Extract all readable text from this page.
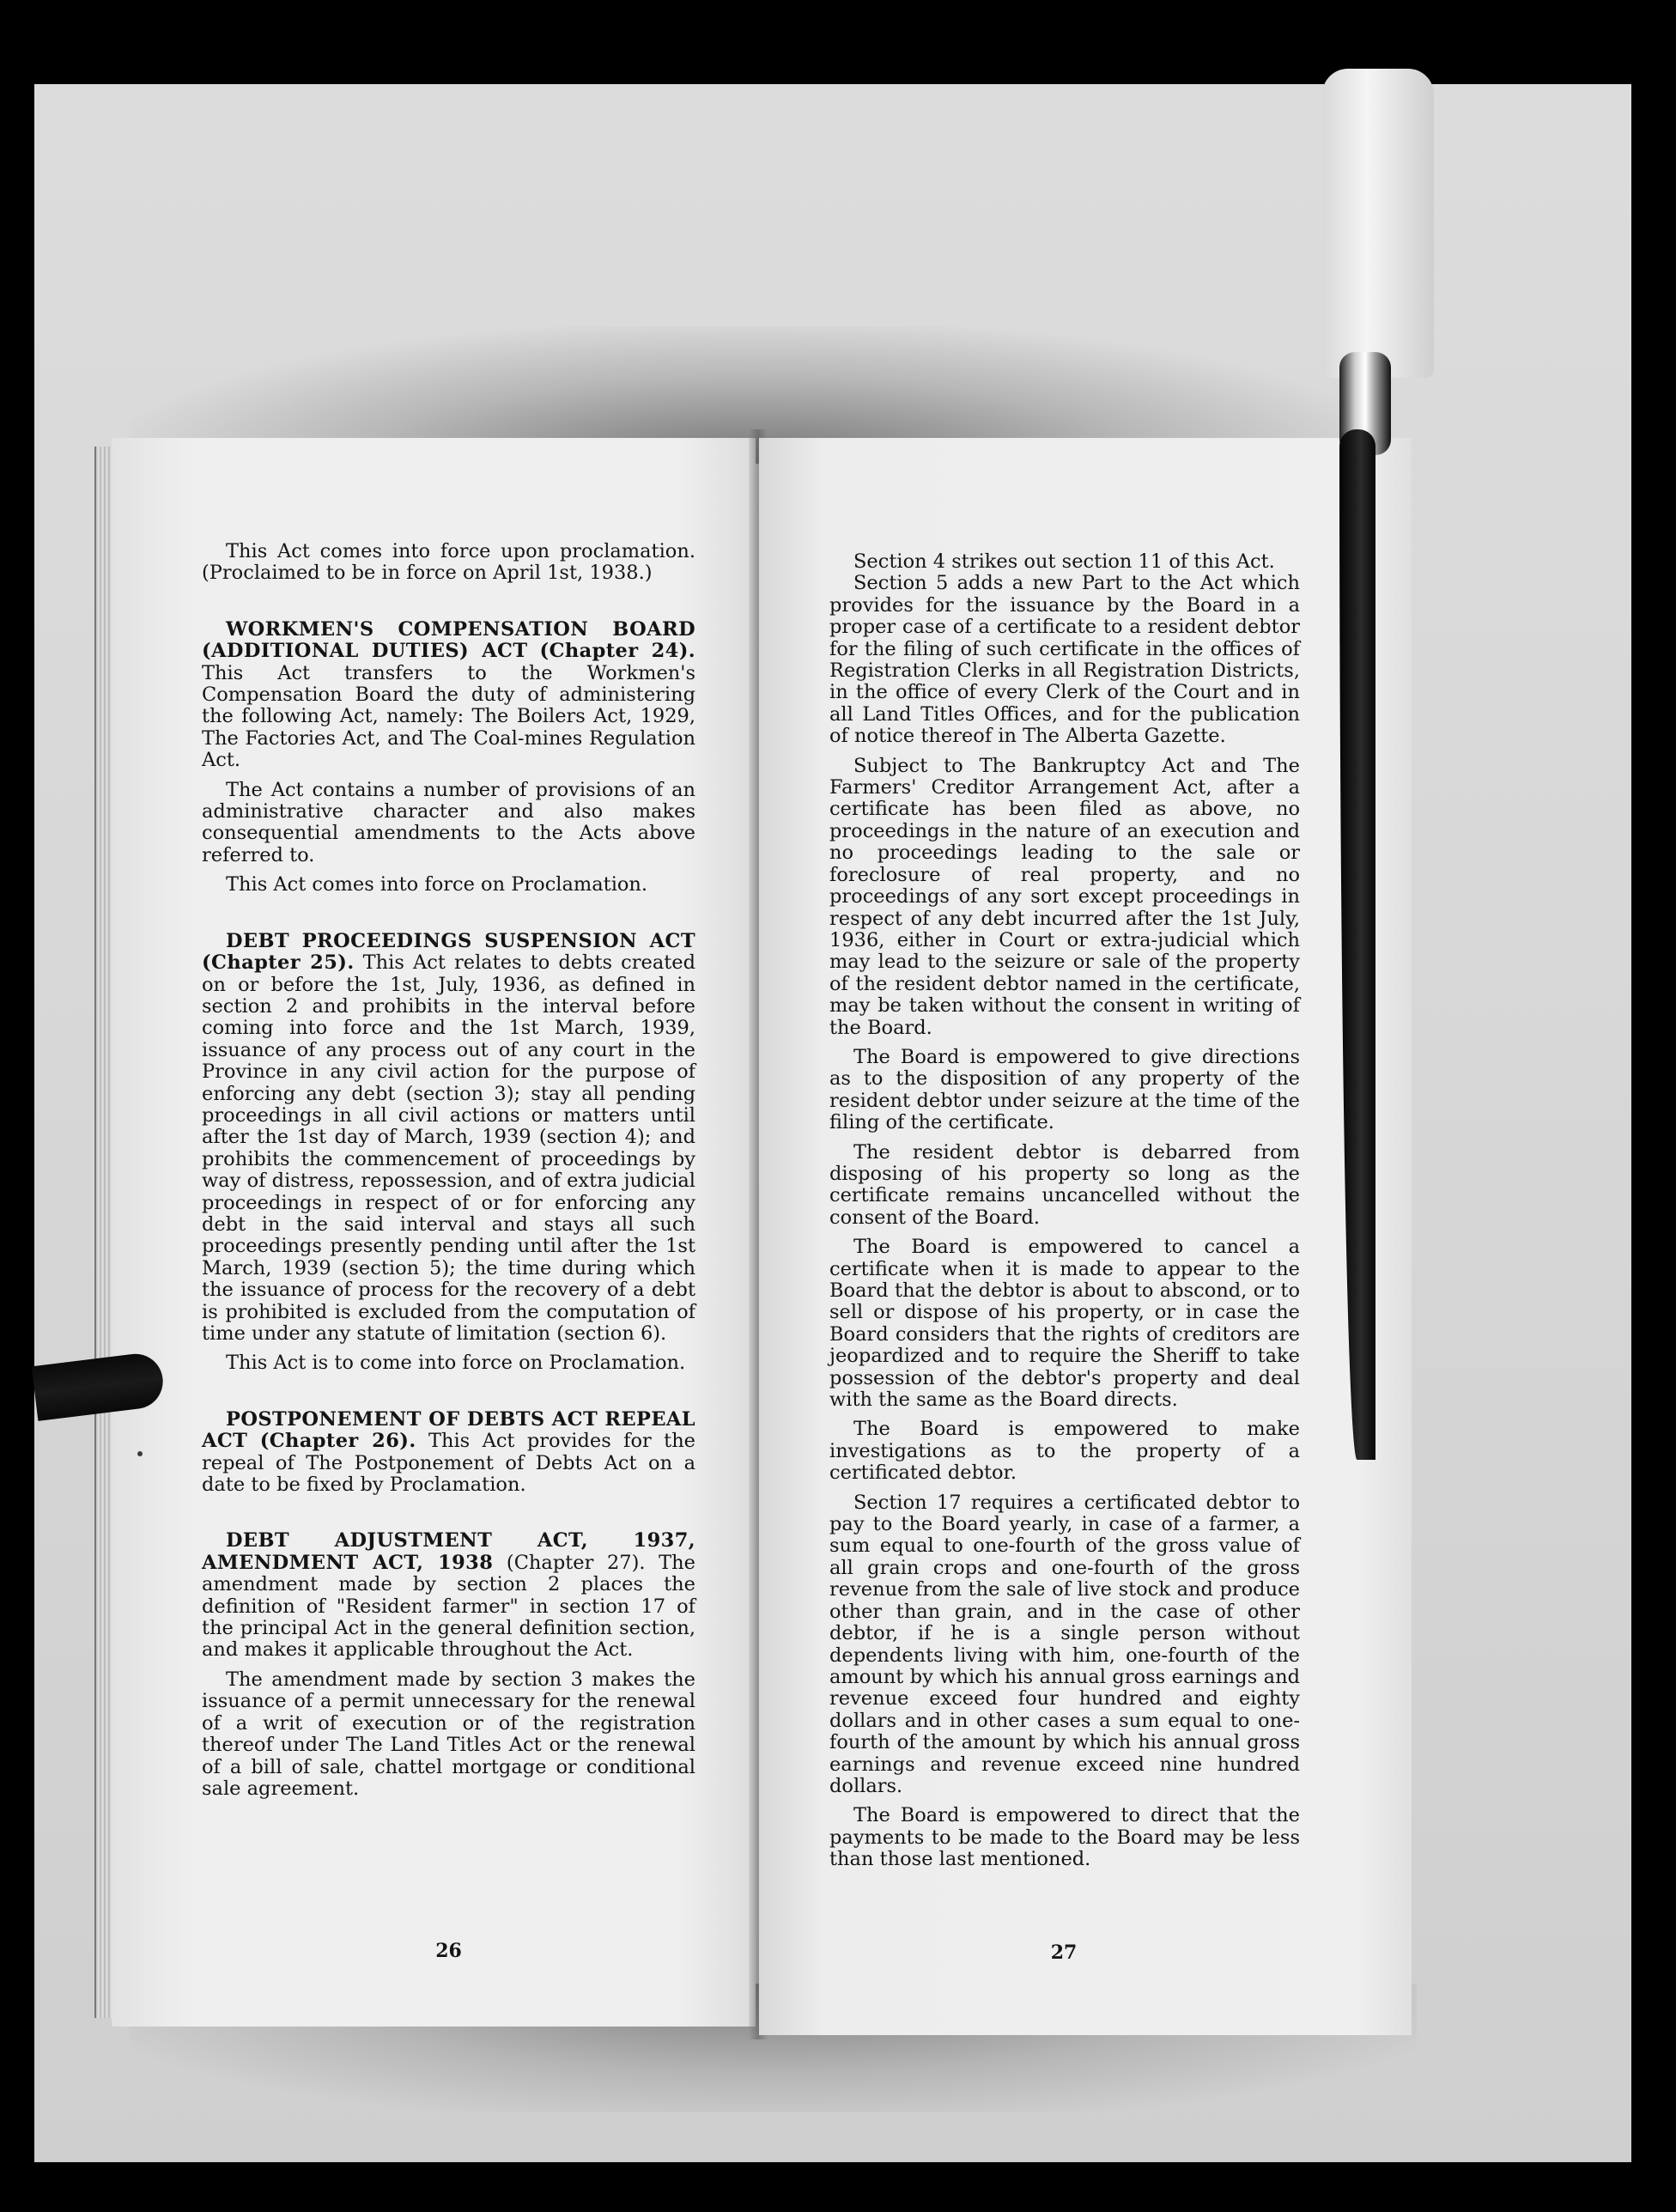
This Act comes into force upon proclamation. (Proclaimed to be in force on April 1st, 1938.)

WORKMEN'S COMPENSATION BOARD (ADDITIONAL DUTIES) ACT (Chapter 24). This Act transfers to the Workmen's Compensation Board the duty of administering the following Act, namely: The Boilers Act, 1929, The Factories Act, and The Coal-mines Regulation Act.

The Act contains a number of provisions of an administrative character and also makes consequential amendments to the Acts above referred to.

This Act comes into force on Proclamation.

DEBT PROCEEDINGS SUSPENSION ACT (Chapter 25). This Act relates to debts created on or before the 1st, July, 1936, as defined in section 2 and prohibits in the interval before coming into force and the 1st March, 1939, issuance of any process out of any court in the Province in any civil action for the purpose of enforcing any debt (section 3); stay all pending proceedings in all civil actions or matters until after the 1st day of March, 1939 (section 4); and prohibits the commencement of proceedings by way of distress, repossession, and of extra judicial proceedings in respect of or for enforcing any debt in the said interval and stays all such proceedings presently pending until after the 1st March, 1939 (section 5); the time during which the issuance of process for the recovery of a debt is prohibited is excluded from the computation of time under any statute of limitation (section 6).

This Act is to come into force on Proclamation.

POSTPONEMENT OF DEBTS ACT REPEAL ACT (Chapter 26). This Act provides for the repeal of The Postponement of Debts Act on a date to be fixed by Proclamation.

DEBT ADJUSTMENT ACT, 1937, AMENDMENT ACT, 1938 (Chapter 27). The amendment made by section 2 places the definition of "Resident farmer" in section 17 of the principal Act in the general definition section, and makes it applicable throughout the Act.

The amendment made by section 3 makes the issuance of a permit unnecessary for the renewal of a writ of execution or of the registration thereof under The Land Titles Act or the renewal of a bill of sale, chattel mortgage or conditional sale agreement.

26

Section 4 strikes out section 11 of this Act.

Section 5 adds a new Part to the Act which provides for the issuance by the Board in a proper case of a certificate to a resident debtor for the filing of such certificate in the offices of Registration Clerks in all Registration Districts, in the office of every Clerk of the Court and in all Land Titles Offices, and for the publication of notice thereof in The Alberta Gazette.

Subject to The Bankruptcy Act and The Farmers' Creditor Arrangement Act, after a certificate has been filed as above, no proceedings in the nature of an execution and no proceedings leading to the sale or foreclosure of real property, and no proceedings of any sort except proceedings in respect of any debt incurred after the 1st July, 1936, either in Court or extra-judicial which may lead to the seizure or sale of the property of the resident debtor named in the certificate, may be taken without the consent in writing of the Board.

The Board is empowered to give directions as to the disposition of any property of the resident debtor under seizure at the time of the filing of the certificate.

The resident debtor is debarred from disposing of his property so long as the certificate remains uncancelled without the consent of the Board.

The Board is empowered to cancel a certificate when it is made to appear to the Board that the debtor is about to abscond, or to sell or dispose of his property, or in case the Board considers that the rights of creditors are jeopardized and to require the Sheriff to take possession of the debtor's property and deal with the same as the Board directs.

The Board is empowered to make investigations as to the property of a certificated debtor.

Section 17 requires a certificated debtor to pay to the Board yearly, in case of a farmer, a sum equal to one-fourth of the gross value of all grain crops and one-fourth of the gross revenue from the sale of live stock and produce other than grain, and in the case of other debtor, if he is a single person without dependents living with him, one-fourth of the amount by which his annual gross earnings and revenue exceed four hundred and eighty dollars and in other cases a sum equal to one-fourth of the amount by which his annual gross earnings and revenue exceed nine hundred dollars.

The Board is empowered to direct that the payments to be made to the Board may be less than those last mentioned.

27
